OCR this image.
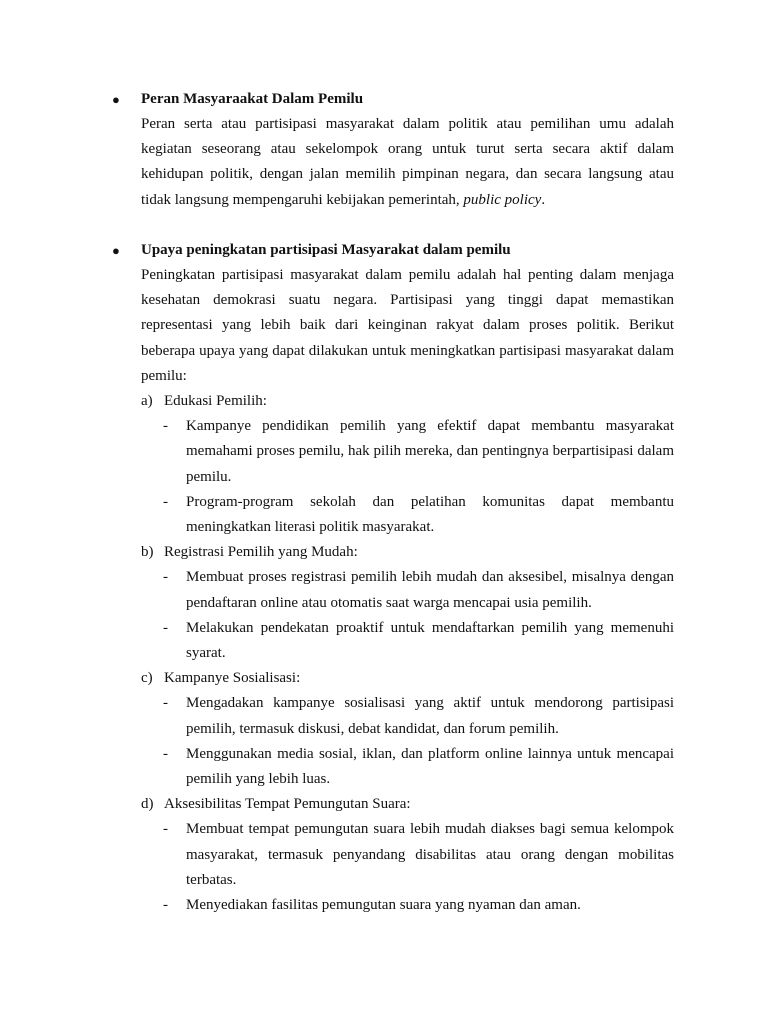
●	Peran Masyaraakat Dalam Pemilu
Peran serta atau partisipasi masyarakat dalam politik atau pemilihan umu adalah kegiatan seseorang atau sekelompok orang untuk turut serta secara aktif dalam kehidupan politik, dengan jalan memilih pimpinan negara, dan secara langsung atau tidak langsung mempengaruhi kebijakan pemerintah, public policy.
●	Upaya peningkatan partisipasi Masyarakat dalam pemilu
Peningkatan partisipasi masyarakat dalam pemilu adalah hal penting dalam menjaga kesehatan demokrasi suatu negara. Partisipasi yang tinggi dapat memastikan representasi yang lebih baik dari keinginan rakyat dalam proses politik. Berikut beberapa upaya yang dapat dilakukan untuk meningkatkan partisipasi masyarakat dalam pemilu:
a) Edukasi Pemilih:
- Kampanye pendidikan pemilih yang efektif dapat membantu masyarakat memahami proses pemilu, hak pilih mereka, dan pentingnya berpartisipasi dalam pemilu.
- Program-program sekolah dan pelatihan komunitas dapat membantu meningkatkan literasi politik masyarakat.
b) Registrasi Pemilih yang Mudah:
- Membuat proses registrasi pemilih lebih mudah dan aksesibel, misalnya dengan pendaftaran online atau otomatis saat warga mencapai usia pemilih.
- Melakukan pendekatan proaktif untuk mendaftarkan pemilih yang memenuhi syarat.
c) Kampanye Sosialisasi:
- Mengadakan kampanye sosialisasi yang aktif untuk mendorong partisipasi pemilih, termasuk diskusi, debat kandidat, dan forum pemilih.
- Menggunakan media sosial, iklan, dan platform online lainnya untuk mencapai pemilih yang lebih luas.
d) Aksesibilitas Tempat Pemungutan Suara:
- Membuat tempat pemungutan suara lebih mudah diakses bagi semua kelompok masyarakat, termasuk penyandang disabilitas atau orang dengan mobilitas terbatas.
- Menyediakan fasilitas pemungutan suara yang nyaman dan aman.
